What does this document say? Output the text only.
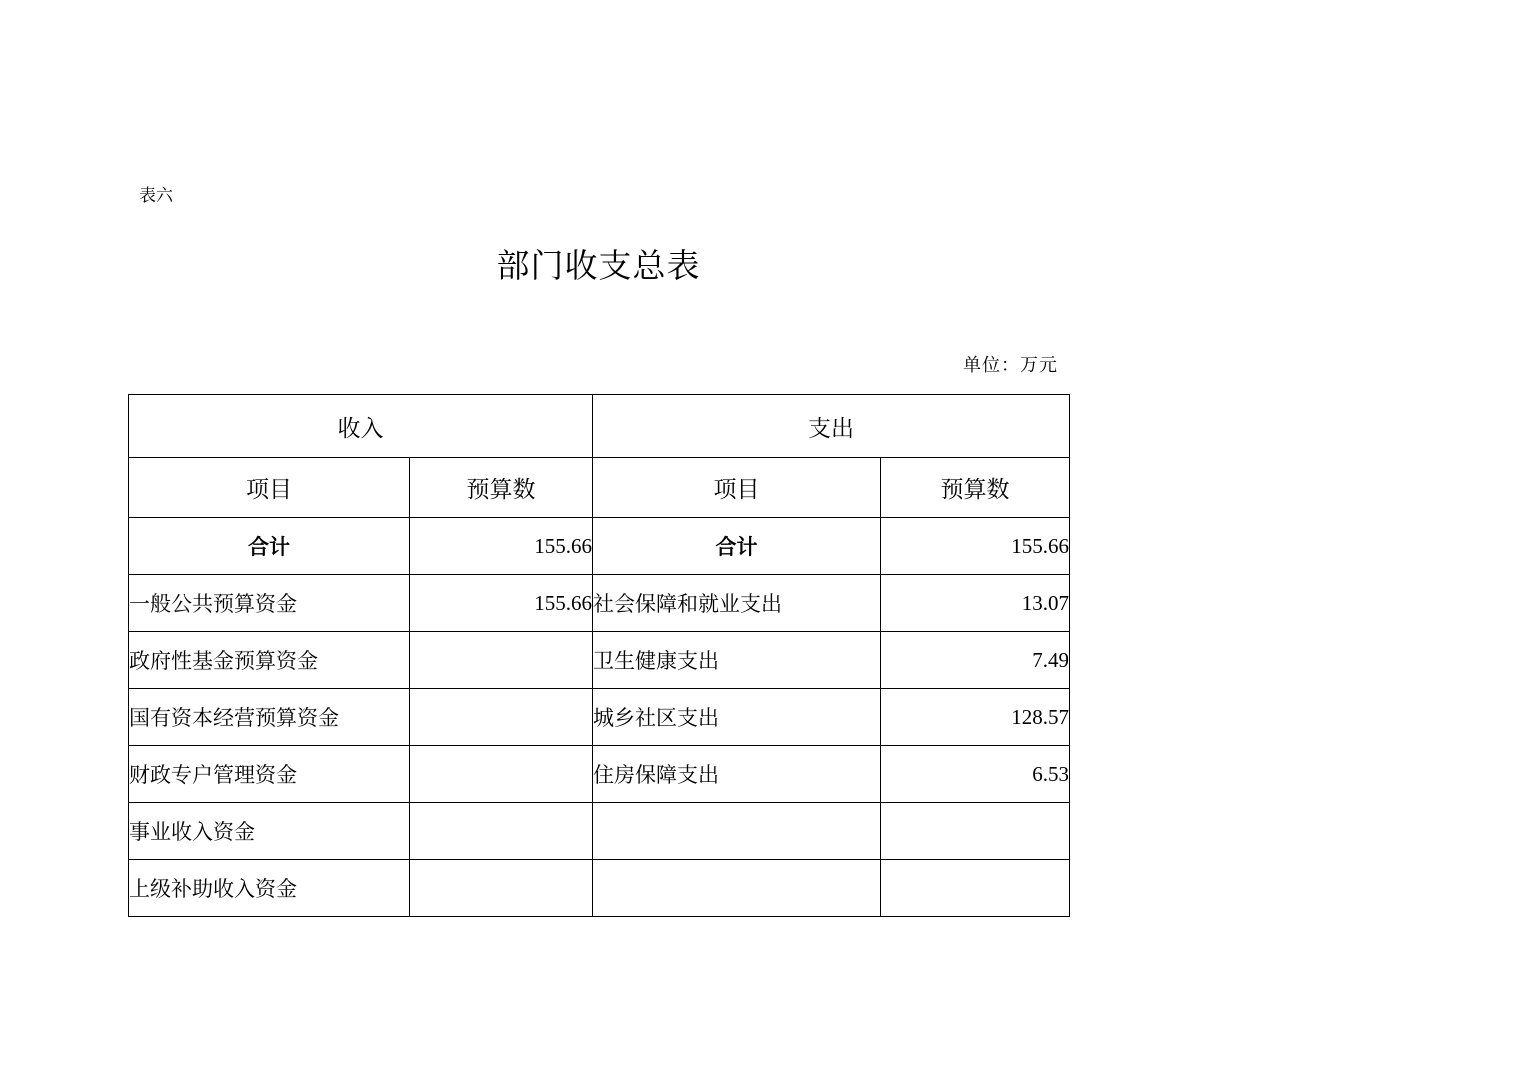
表六
部门收支总表
单位：万元
收入		支出	
项目	预算数	项目	预算数
合计	155.66	合计	155.66
一般公共预算资金	155.66	社会保障和就业支出	13.07
政府性基金预算资金		卫生健康支出	7.49
国有资本经营预算资金		城乡社区支出	128.57
财政专户管理资金		住房保障支出	6.53
事业收入资金			
上级补助收入资金			
